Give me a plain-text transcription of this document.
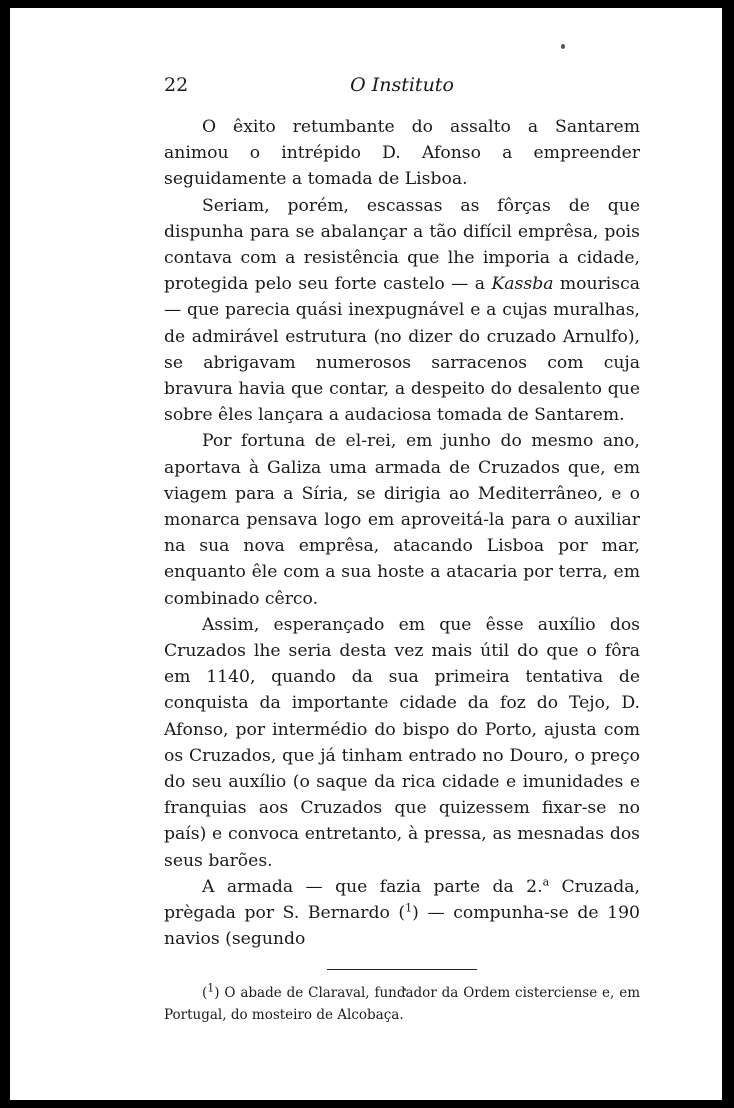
22	O Instituto

O êxito retumbante do assalto a Santarem animou o intrépido D. Afonso a empreender seguidamente a tomada de Lisboa.

Seriam, porém, escassas as fôrças de que dispunha para se abalançar a tão difícil emprêsa, pois contava com a resistência que lhe imporia a cidade, protegida pelo seu forte castelo — a Kassba mourisca — que parecia quási inexpugnável e a cujas muralhas, de admirável estrutura (no dizer do cruzado Arnulfo), se abrigavam numerosos sarracenos com cuja bravura havia que contar, a despeito do desalento que sobre êles lançara a audaciosa tomada de Santarem.

Por fortuna de el-rei, em junho do mesmo ano, aportava à Galiza uma armada de Cruzados que, em viagem para a Síria, se dirigia ao Mediterrâneo, e o monarca pensava logo em aproveitá-la para o auxiliar na sua nova emprêsa, atacando Lisboa por mar, enquanto êle com a sua hoste a atacaria por terra, em combinado cêrco.

Assim, esperançado em que êsse auxílio dos Cruzados lhe seria desta vez mais útil do que o fôra em 1140, quando da sua primeira tentativa de conquista da importante cidade da foz do Tejo, D. Afonso, por intermédio do bispo do Porto, ajusta com os Cruzados, que já tinham entrado no Douro, o preço do seu auxílio (o saque da rica cidade e imunidades e franquias aos Cruzados que quizessem fixar-se no país) e convoca entretanto, à pressa, as mesnadas dos seus barões.

A armada — que fazia parte da 2.$^a$ Cruzada, prègada por S. Bernardo ($^1$) — compunha-se de 190 navios (segundo

($^1$) O abade de Claraval, fundador da Ordem cisterciense e, em Portugal, do mosteiro de Alcobaça.
